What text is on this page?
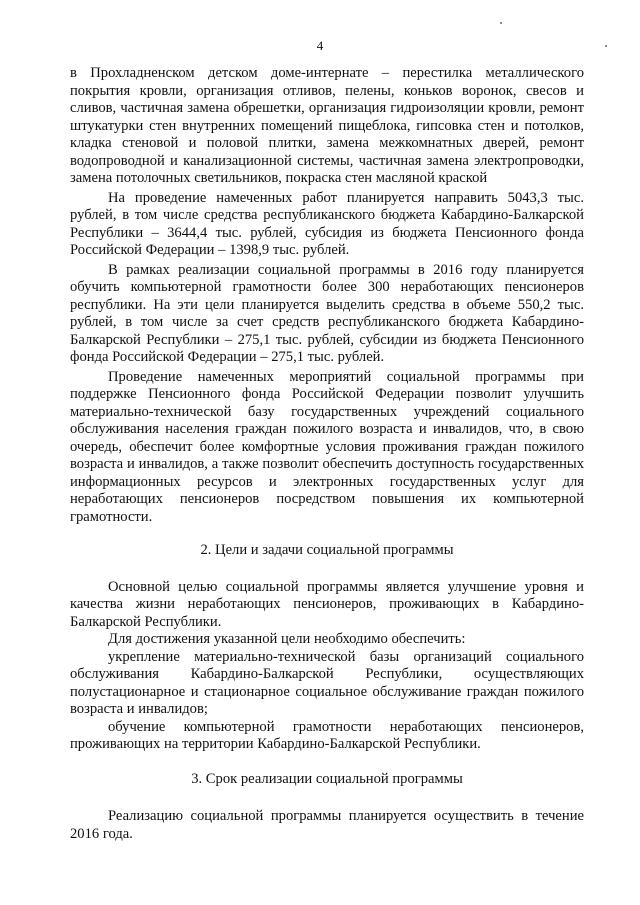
4

в Прохладненском детском доме-интернате – перестилка металлического покрытия кровли, организация отливов, пелены, коньков воронок, свесов и сливов, частичная замена обрешетки, организация гидроизоляции кровли, ремонт штукатурки стен внутренних помещений пищеблока, гипсовка стен и потолков, кладка стеновой и половой плитки, замена межкомнатных дверей, ремонт водопроводной и канализационной системы, частичная замена электропроводки, замена потолочных светильников, покраска стен масляной краской

На проведение намеченных работ планируется направить 5043,3 тыс. рублей, в том числе средства республиканского бюджета Кабардино-Балкарской Республики – 3644,4 тыс. рублей, субсидия из бюджета Пенсионного фонда Российской Федерации – 1398,9 тыс. рублей.

В рамках реализации социальной программы в 2016 году планируется обучить компьютерной грамотности более 300 неработающих пенсионеров республики. На эти цели планируется выделить средства в объеме 550,2 тыс. рублей, в том числе за счет средств республиканского бюджета Кабардино-Балкарской Республики – 275,1 тыс. рублей, субсидии из бюджета Пенсионного фонда Российской Федерации – 275,1 тыс. рублей.

Проведение намеченных мероприятий социальной программы при поддержке Пенсионного фонда Российской Федерации позволит улучшить материально-технической базу государственных учреждений социального обслуживания населения граждан пожилого возраста и инвалидов, что, в свою очередь, обеспечит более комфортные условия проживания граждан пожилого возраста и инвалидов, а также позволит обеспечить доступность государственных информационных ресурсов и электронных государственных услуг для неработающих пенсионеров посредством повышения их компьютерной грамотности.

2. Цели и задачи социальной программы

Основной целью социальной программы является улучшение уровня и качества жизни неработающих пенсионеров, проживающих в Кабардино-Балкарской Республики.

Для достижения указанной цели необходимо обеспечить:

укрепление материально-технической базы организаций социального обслуживания Кабардино-Балкарской Республики, осуществляющих полустационарное и стационарное социальное обслуживание граждан пожилого возраста и инвалидов;

обучение компьютерной грамотности неработающих пенсионеров, проживающих на территории Кабардино-Балкарской Республики.

3. Срок реализации социальной программы

Реализацию социальной программы планируется осуществить в течение 2016 года.
